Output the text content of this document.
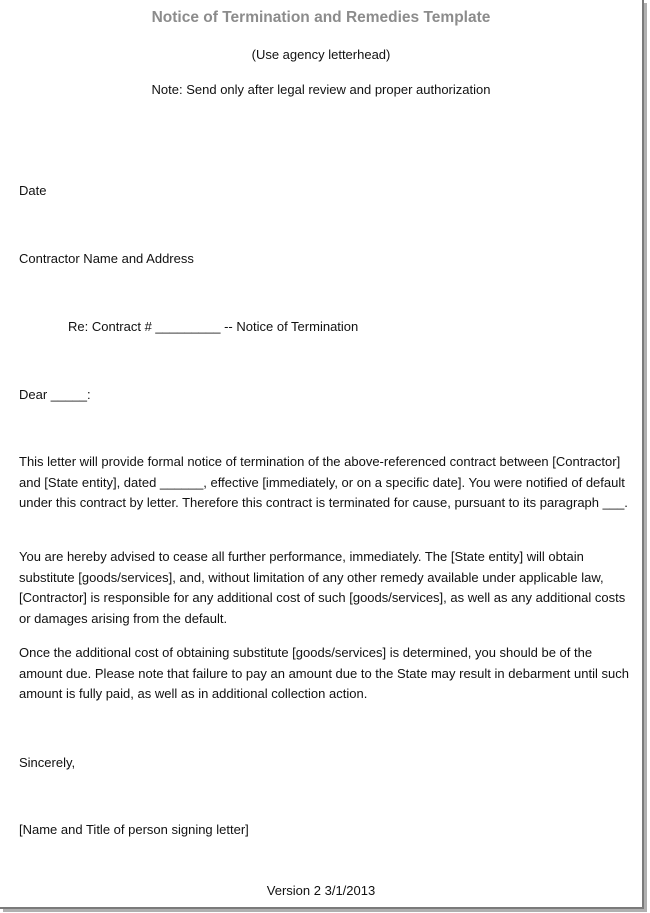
Notice of Termination and Remedies Template
(Use agency letterhead)
Note: Send only after legal review and proper authorization
Date
Contractor Name and Address
Re: Contract # _________ -- Notice of Termination
Dear _____:
This letter will provide formal notice of termination of the above-referenced contract between [Contractor] and [State entity], dated ______, effective [immediately, or on a specific date]. You were notified of default under this contract by letter. Therefore this contract is terminated for cause, pursuant to its paragraph ___.
You are hereby advised to cease all further performance, immediately. The [State entity] will obtain substitute [goods/services], and, without limitation of any other remedy available under applicable law, [Contractor] is responsible for any additional cost of such [goods/services], as well as any additional costs or damages arising from the default.
Once the additional cost of obtaining substitute [goods/services] is determined, you should be of the amount due. Please note that failure to pay an amount due to the State may result in debarment until such amount is fully paid, as well as in additional collection action.
Sincerely,
[Name and Title of person signing letter]
Version 2 3/1/2013
